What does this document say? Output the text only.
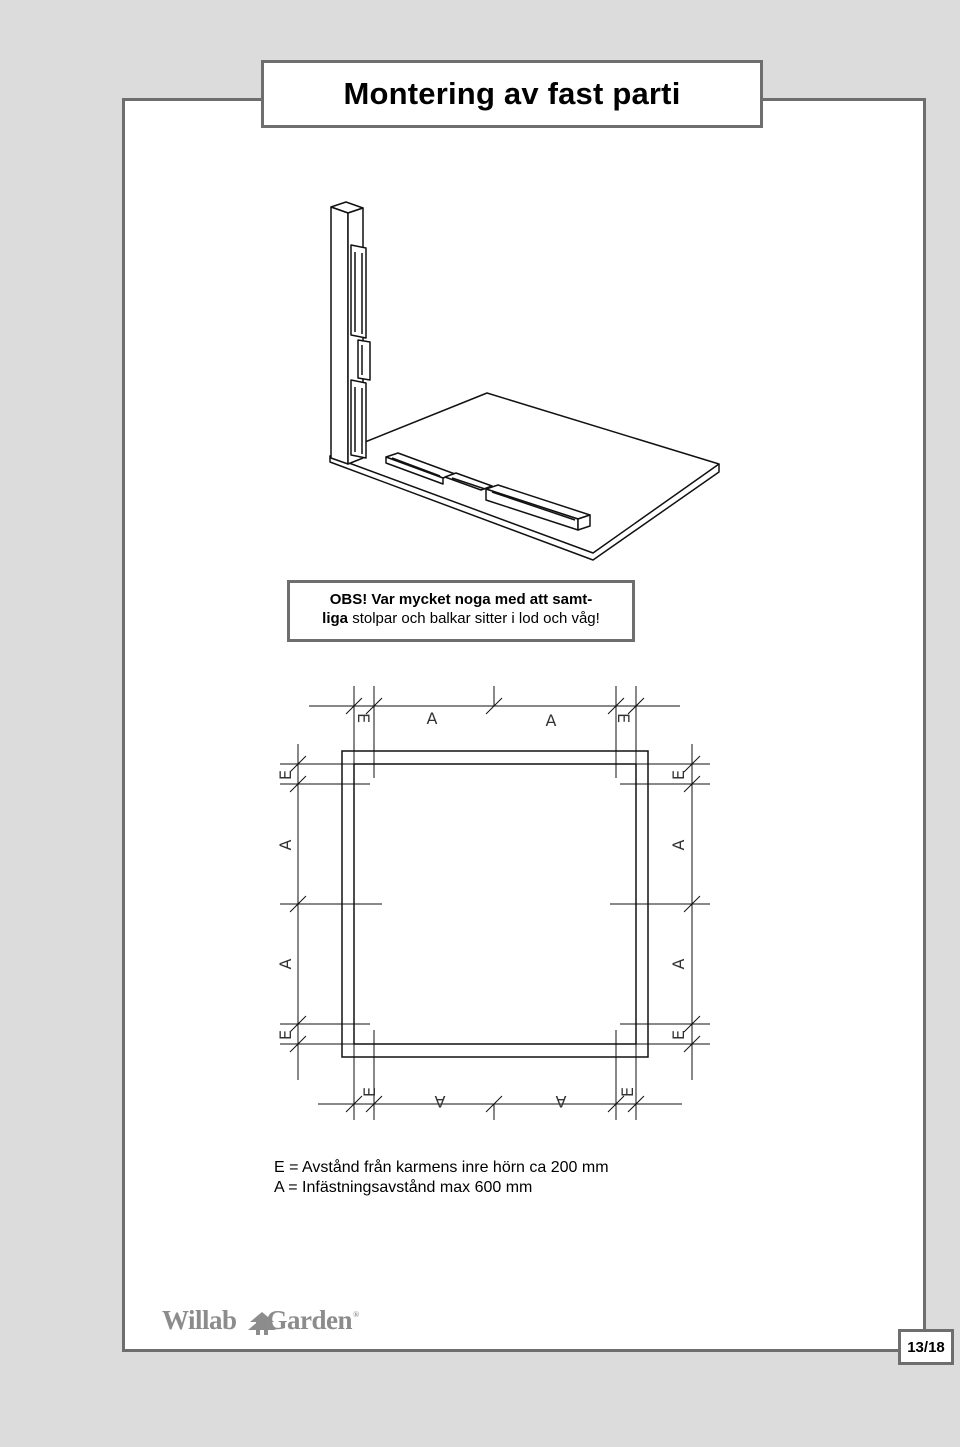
Montering av fast parti
E	A	A	E
E	A	A	E
E
A
A
E
E
A
A
E
OBS! Var mycket noga med att samt-
liga stolpar och balkar sitter i lod och våg!
E = Avstånd från karmens inre hörn ca 200 mm
A = Infästningsavstånd max 600 mm
Willab Garden ®
13/18
